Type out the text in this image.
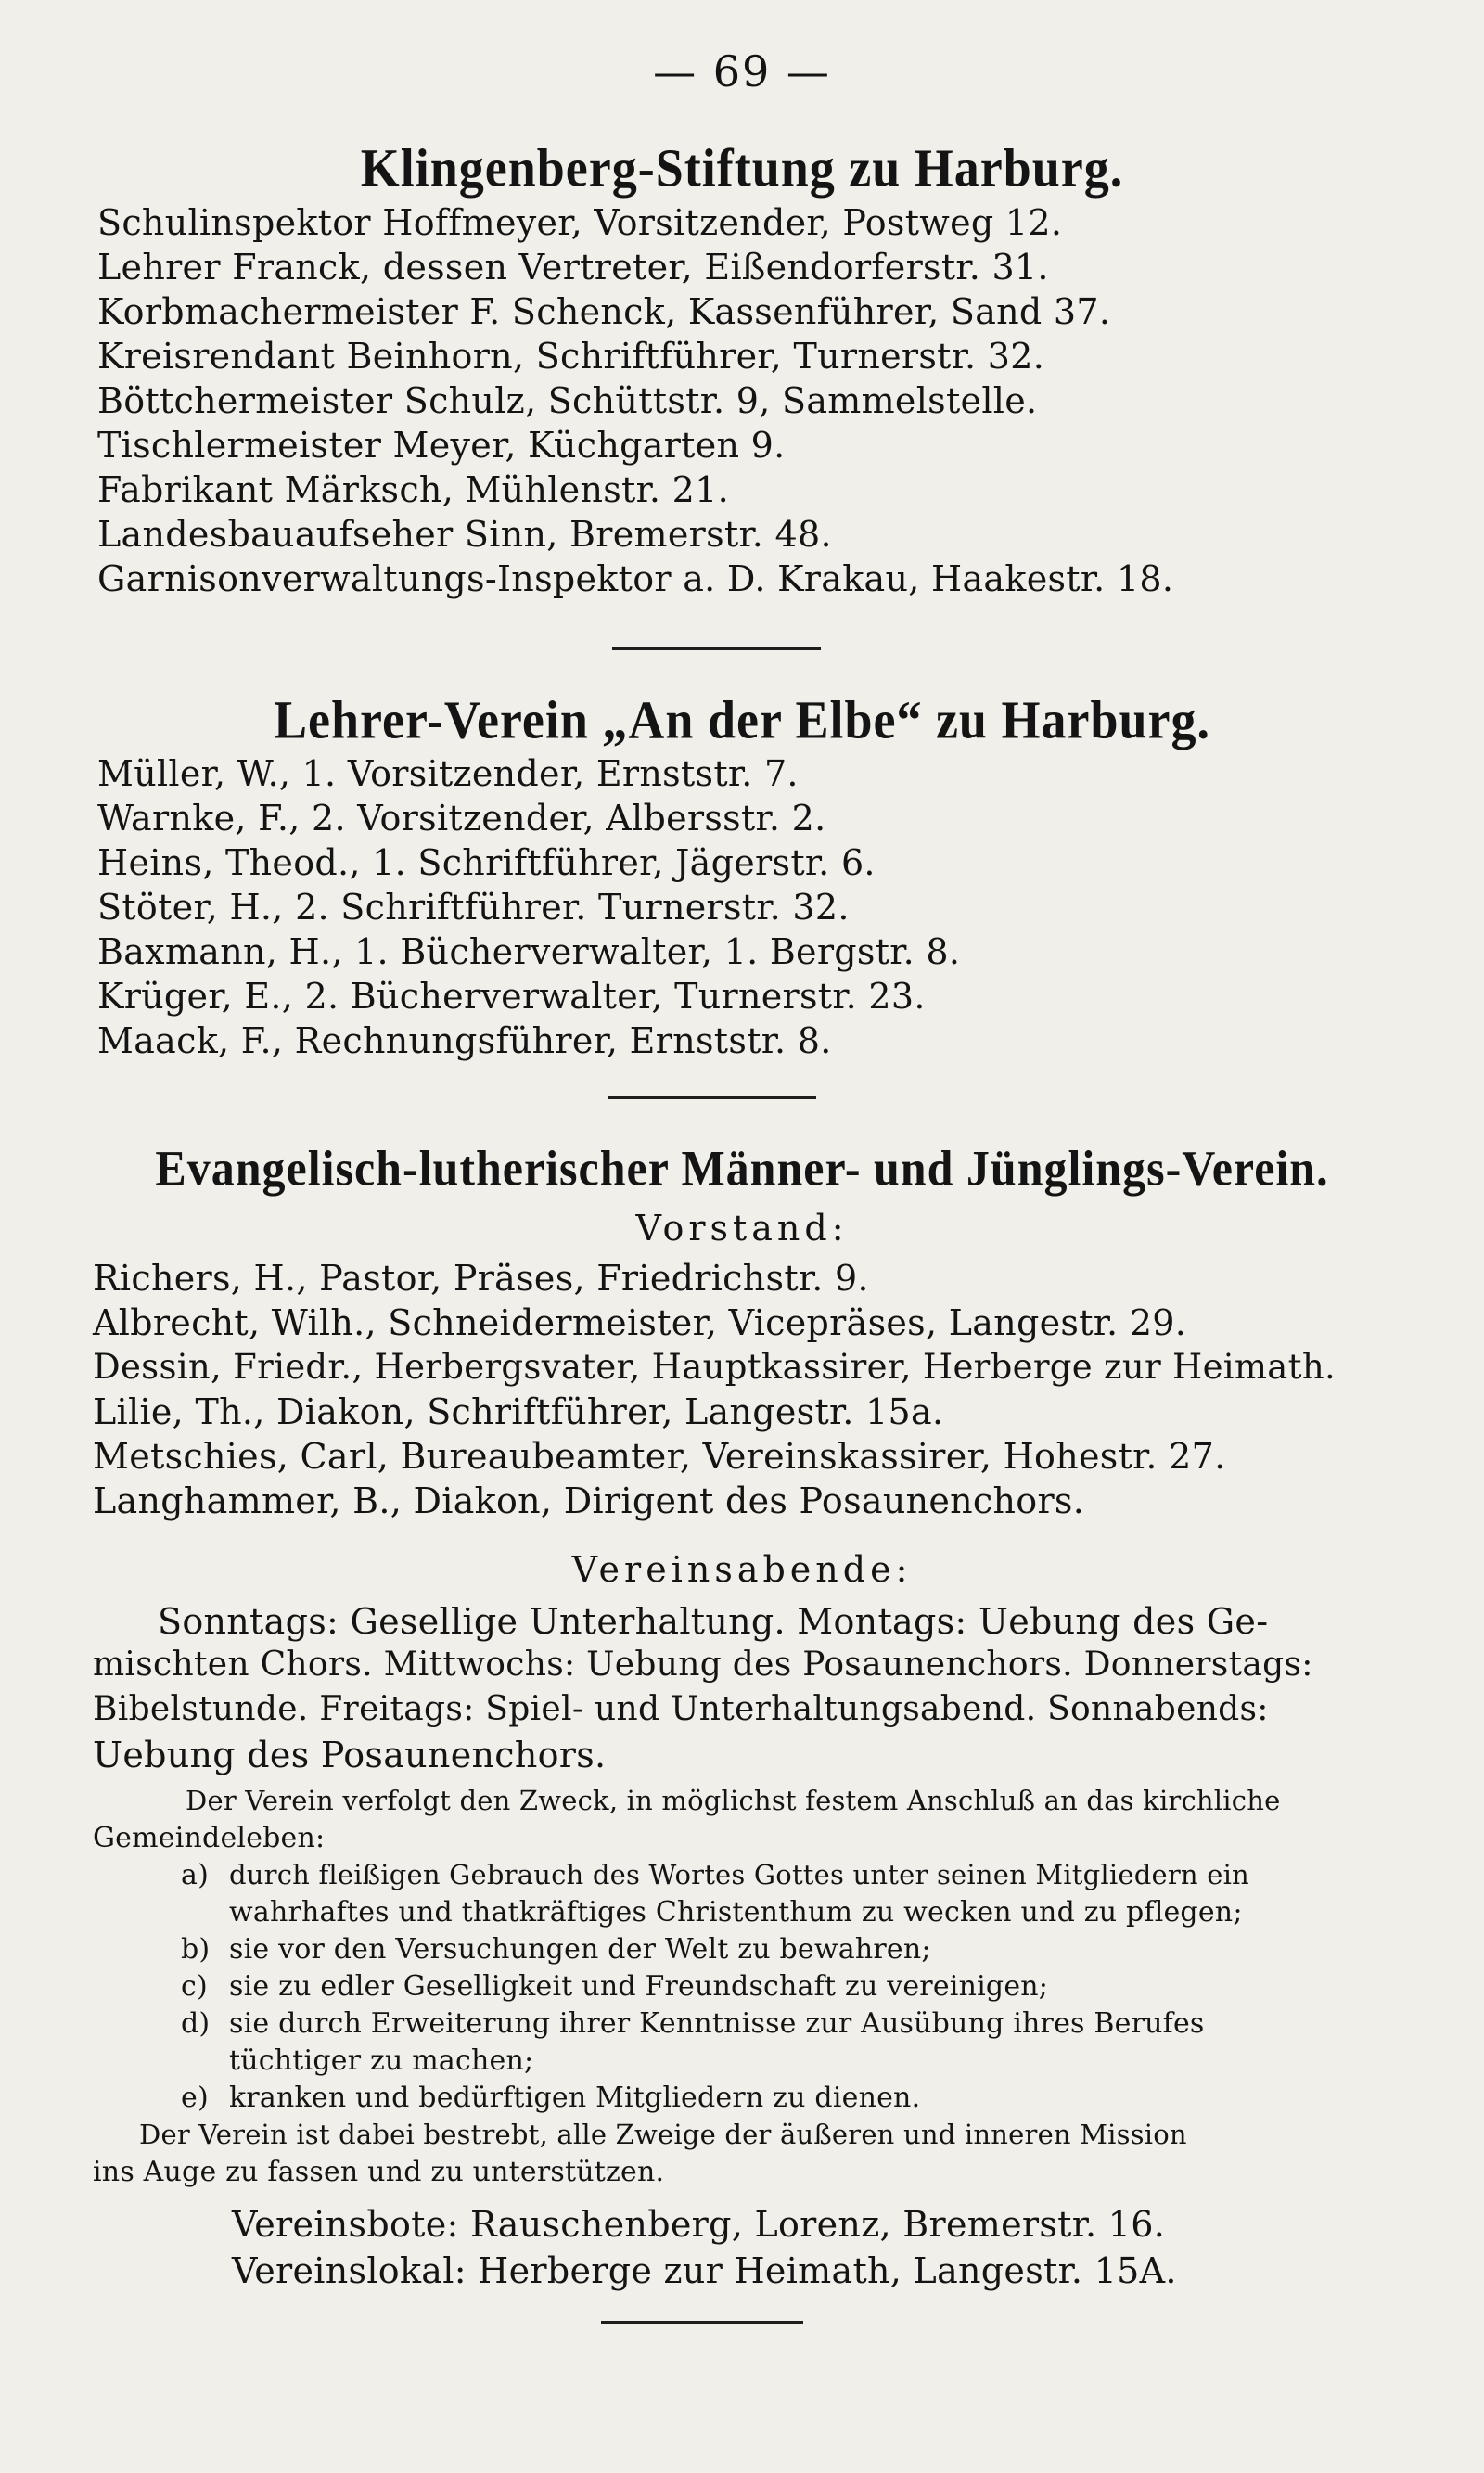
— 69 —
Klingenberg-Stiftung zu Harburg.
Schulinspektor Hoffmeyer, Vorsitzender, Postweg 12.
Lehrer Franck, dessen Vertreter, Eißendorferstr. 31.
Korbmachermeister F. Schenck, Kassenführer, Sand 37.
Kreisrendant Beinhorn, Schriftführer, Turnerstr. 32.
Böttchermeister Schulz, Schüttstr. 9, Sammelstelle.
Tischlermeister Meyer, Küchgarten 9.
Fabrikant Märksch, Mühlenstr. 21.
Landesbauaufseher Sinn, Bremerstr. 48.
Garnisonverwaltungs-Inspektor a. D. Krakau, Haakestr. 18.
Lehrer-Verein „An der Elbe“ zu Harburg.
Müller, W., 1. Vorsitzender, Ernststr. 7.
Warnke, F., 2. Vorsitzender, Albersstr. 2.
Heins, Theod., 1. Schriftführer, Jägerstr. 6.
Stöter, H., 2. Schriftführer. Turnerstr. 32.
Baxmann, H., 1. Bücherverwalter, 1. Bergstr. 8.
Krüger, E., 2. Bücherverwalter, Turnerstr. 23.
Maack, F., Rechnungsführer, Ernststr. 8.
Evangelisch-lutherischer Männer- und Jünglings-Verein.
Vorstand:
Richers, H., Pastor, Präses, Friedrichstr. 9.
Albrecht, Wilh., Schneidermeister, Vicepräses, Langestr. 29.
Dessin, Friedr., Herbergsvater, Hauptkassirer, Herberge zur Heimath.
Lilie, Th., Diakon, Schriftführer, Langestr. 15a.
Metschies, Carl, Bureaubeamter, Vereinskassirer, Hohestr. 27.
Langhammer, B., Diakon, Dirigent des Posaunenchors.
Vereinsabende:
Sonntags: Gesellige Unterhaltung. Montags: Uebung des Ge-
mischten Chors. Mittwochs: Uebung des Posaunenchors. Donnerstags:
Bibelstunde. Freitags: Spiel- und Unterhaltungsabend. Sonnabends:
Uebung des Posaunenchors.
Der Verein verfolgt den Zweck, in möglichst festem Anschluß an das kirchliche
Gemeindeleben:
a) durch fleißigen Gebrauch des Wortes Gottes unter seinen Mitgliedern ein
wahrhaftes und thatkräftiges Christenthum zu wecken und zu pflegen;
b) sie vor den Versuchungen der Welt zu bewahren;
c) sie zu edler Geselligkeit und Freundschaft zu vereinigen;
d) sie durch Erweiterung ihrer Kenntnisse zur Ausübung ihres Berufes
tüchtiger zu machen;
e) kranken und bedürftigen Mitgliedern zu dienen.
Der Verein ist dabei bestrebt, alle Zweige der äußeren und inneren Mission
ins Auge zu fassen und zu unterstützen.
Vereinsbote: Rauschenberg, Lorenz, Bremerstr. 16.
Vereinslokal: Herberge zur Heimath, Langestr. 15A.
